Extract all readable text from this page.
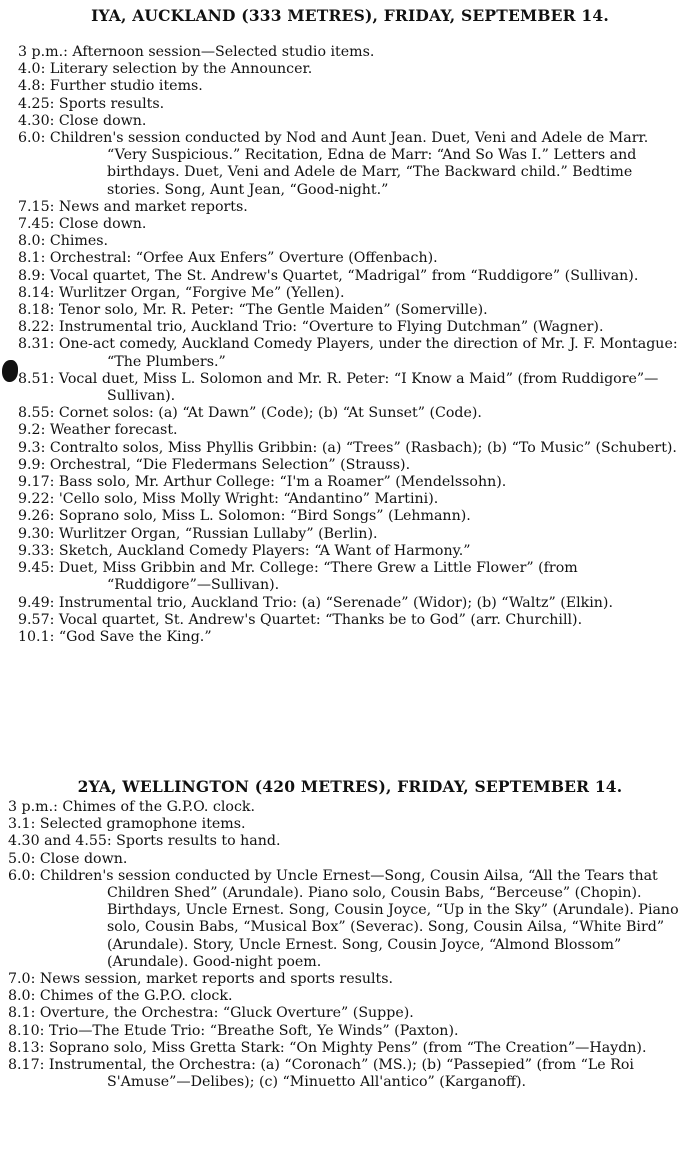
IYA, AUCKLAND (333 METRES), FRIDAY, SEPTEMBER 14.

3 p.m.: Afternoon session—Selected studio items.

4.0: Literary selection by the Announcer.

4.8: Further studio items.

4.25: Sports results.

4.30: Close down.

6.0: Children's session conducted by Nod and Aunt Jean. Duet, Veni and Adele de Marr. “Very Suspicious.” Recitation, Edna de Marr: “And So Was I.” Letters and birthdays. Duet, Veni and Adele de Marr, “The Backward child.” Bedtime stories. Song, Aunt Jean, “Good-night.”

7.15: News and market reports.

7.45: Close down.

8.0: Chimes.

8.1: Orchestral: “Orfee Aux Enfers” Overture (Offenbach).

8.9: Vocal quartet, The St. Andrew's Quartet, “Madrigal” from “Ruddigore” (Sullivan).

8.14: Wurlitzer Organ, “Forgive Me” (Yellen).

8.18: Tenor solo, Mr. R. Peter: “The Gentle Maiden” (Somerville).

8.22: Instrumental trio, Auckland Trio: “Overture to Flying Dutchman” (Wagner).

8.31: One-act comedy, Auckland Comedy Players, under the direction of Mr. J. F. Montague: “The Plumbers.”

8.51: Vocal duet, Miss L. Solomon and Mr. R. Peter: “I Know a Maid” (from Ruddigore”—Sullivan).

8.55: Cornet solos: (a) “At Dawn” (Code); (b) “At Sunset” (Code).

9.2: Weather forecast.

9.3: Contralto solos, Miss Phyllis Gribbin: (a) “Trees” (Rasbach); (b) “To Music” (Schubert).

9.9: Orchestral, “Die Fledermans Selection” (Strauss).

9.17: Bass solo, Mr. Arthur College: “I'm a Roamer” (Mendelssohn).

9.22: 'Cello solo, Miss Molly Wright: “Andantino” Martini).

9.26: Soprano solo, Miss L. Solomon: “Bird Songs” (Lehmann).

9.30: Wurlitzer Organ, “Russian Lullaby” (Berlin).

9.33: Sketch, Auckland Comedy Players: “A Want of Harmony.”

9.45: Duet, Miss Gribbin and Mr. College: “There Grew a Little Flower” (from “Ruddigore”—Sullivan).

9.49: Instrumental trio, Auckland Trio: (a) “Serenade” (Widor); (b) “Waltz” (Elkin).

9.57: Vocal quartet, St. Andrew's Quartet: “Thanks be to God” (arr. Churchill).

10.1: “God Save the King.”

2YA, WELLINGTON (420 METRES), FRIDAY, SEPTEMBER 14.

3 p.m.: Chimes of the G.P.O. clock.

3.1: Selected gramophone items.

4.30 and 4.55: Sports results to hand.

5.0: Close down.

6.0: Children's session conducted by Uncle Ernest—Song, Cousin Ailsa, “All the Tears that Children Shed” (Arundale). Piano solo, Cousin Babs, “Berceuse” (Chopin). Birthdays, Uncle Ernest. Song, Cousin Joyce, “Up in the Sky” (Arundale). Piano solo, Cousin Babs, “Musical Box” (Severac). Song, Cousin Ailsa, “White Bird” (Arundale). Story, Uncle Ernest. Song, Cousin Joyce, “Almond Blossom” (Arundale). Good-night poem.

7.0: News session, market reports and sports results.

8.0: Chimes of the G.P.O. clock.

8.1: Overture, the Orchestra: “Gluck Overture” (Suppe).

8.10: Trio—The Etude Trio: “Breathe Soft, Ye Winds” (Paxton).

8.13: Soprano solo, Miss Gretta Stark: “On Mighty Pens” (from “The Creation”—Haydn).

8.17: Instrumental, the Orchestra: (a) “Coronach” (MS.); (b) “Passepied” (from “Le Roi S'Amuse”—Delibes); (c) “Minuetto All'antico” (Karganoff).
